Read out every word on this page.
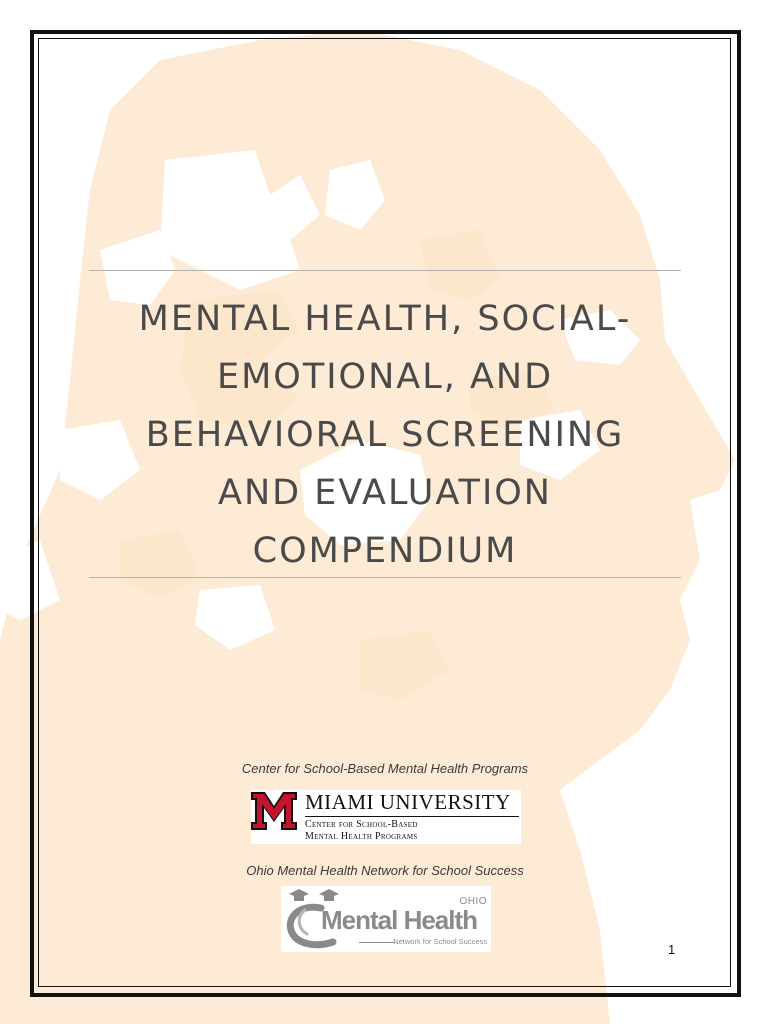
MENTAL HEALTH, SOCIAL-
EMOTIONAL, AND
BEHAVIORAL SCREENING
AND EVALUATION
COMPENDIUM
Center for School-Based Mental Health Programs
MIAMI UNIVERSITY
Center for School-Based
Mental Health Programs
Ohio Mental Health Network for School Success
OHIO
Mental Health
Network for School Success
1
